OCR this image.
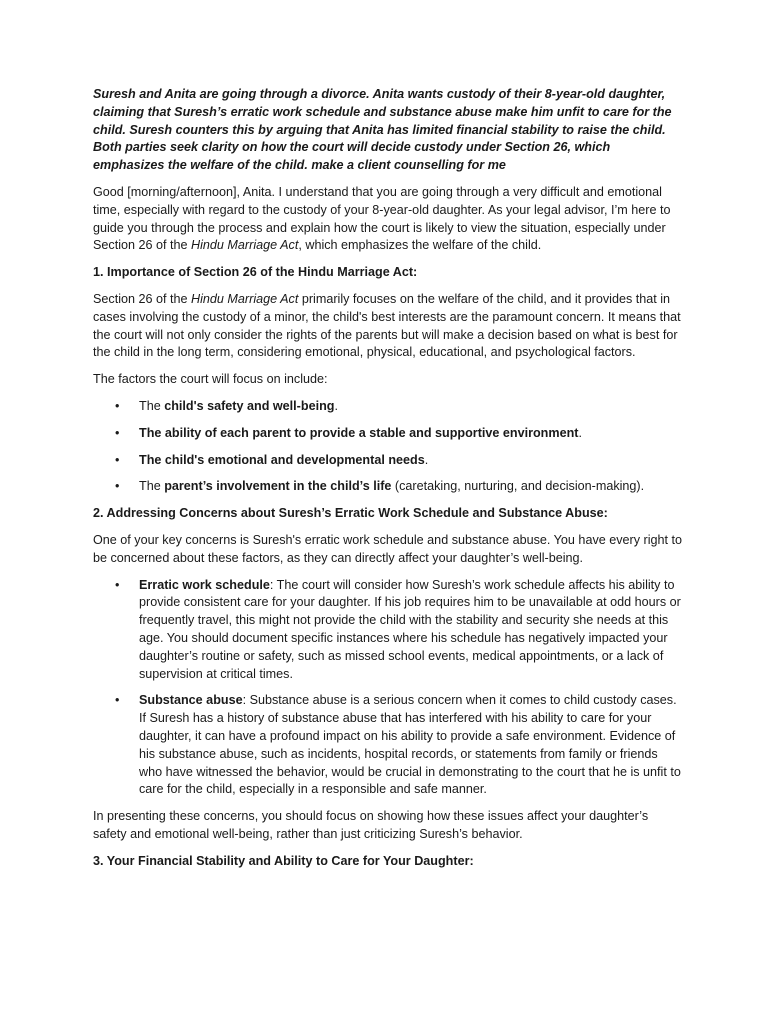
Suresh and Anita are going through a divorce. Anita wants custody of their 8-year-old daughter, claiming that Suresh’s erratic work schedule and substance abuse make him unfit to care for the child. Suresh counters this by arguing that Anita has limited financial stability to raise the child. Both parties seek clarity on how the court will decide custody under Section 26, which emphasizes the welfare of the child. make a client counselling for me

Good [morning/afternoon], Anita. I understand that you are going through a very difficult and emotional time, especially with regard to the custody of your 8-year-old daughter. As your legal advisor, I’m here to guide you through the process and explain how the court is likely to view the situation, especially under Section 26 of the Hindu Marriage Act, which emphasizes the welfare of the child.

1. Importance of Section 26 of the Hindu Marriage Act:

Section 26 of the Hindu Marriage Act primarily focuses on the welfare of the child, and it provides that in cases involving the custody of a minor, the child's best interests are the paramount concern. It means that the court will not only consider the rights of the parents but will make a decision based on what is best for the child in the long term, considering emotional, physical, educational, and psychological factors.

The factors the court will focus on include:

• The child's safety and well-being.
• The ability of each parent to provide a stable and supportive environment.
• The child's emotional and developmental needs.
• The parent’s involvement in the child’s life (caretaking, nurturing, and decision-making).

2. Addressing Concerns about Suresh’s Erratic Work Schedule and Substance Abuse:

One of your key concerns is Suresh's erratic work schedule and substance abuse. You have every right to be concerned about these factors, as they can directly affect your daughter’s well-being.

• Erratic work schedule: The court will consider how Suresh’s work schedule affects his ability to provide consistent care for your daughter. If his job requires him to be unavailable at odd hours or frequently travel, this might not provide the child with the stability and security she needs at this age. You should document specific instances where his schedule has negatively impacted your daughter’s routine or safety, such as missed school events, medical appointments, or a lack of supervision at critical times.
• Substance abuse: Substance abuse is a serious concern when it comes to child custody cases. If Suresh has a history of substance abuse that has interfered with his ability to care for your daughter, it can have a profound impact on his ability to provide a safe environment. Evidence of his substance abuse, such as incidents, hospital records, or statements from family or friends who have witnessed the behavior, would be crucial in demonstrating to the court that he is unfit to care for the child, especially in a responsible and safe manner.

In presenting these concerns, you should focus on showing how these issues affect your daughter’s safety and emotional well-being, rather than just criticizing Suresh’s behavior.

3. Your Financial Stability and Ability to Care for Your Daughter:
